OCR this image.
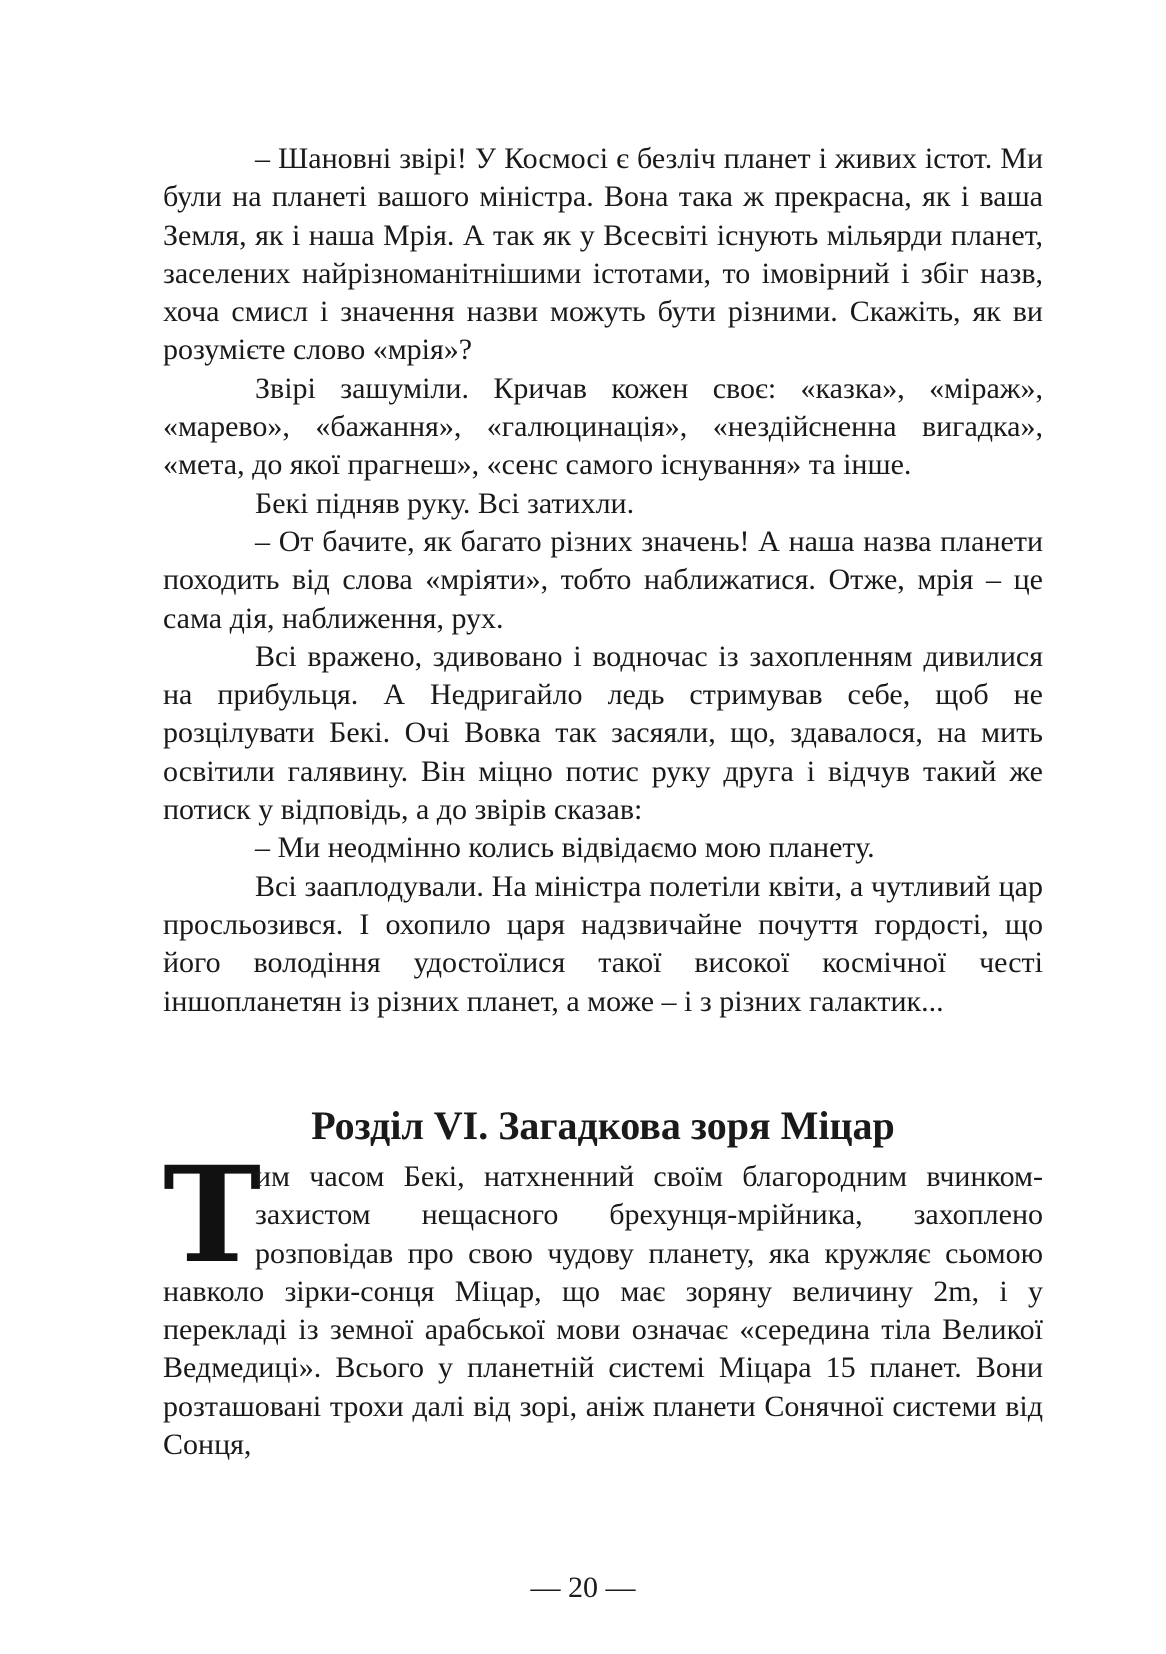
– Шановні звірі! У Космосі є безліч планет і живих істот. Ми були на планеті вашого міністра. Вона така ж прекрасна, як і ваша Земля, як і наша Мрія. А так як у Всесвіті існують мільярди планет, заселених найрізноманітнішими істотами, то імовірний і збіг назв, хоча смисл і значення назви можуть бути різними. Скажіть, як ви розумієте слово «мрія»?

Звірі зашуміли. Кричав кожен своє: «казка», «міраж», «марево», «бажання», «галюцинація», «нездійсненна вигадка», «мета, до якої прагнеш», «сенс самого існування» та інше.

Бекі підняв руку. Всі затихли.

– От бачите, як багато різних значень! А наша назва планети походить від слова «мріяти», тобто наближатися. Отже, мрія – це сама дія, наближення, рух.

Всі вражено, здивовано і водночас із захопленням дивилися на прибульця. А Недригайло ледь стримував себе, щоб не розцілувати Бекі. Очі Вовка так засяяли, що, здавалося, на мить освітили галявину. Він міцно потис руку друга і відчув такий же потиск у відповідь, а до звірів сказав:

– Ми неодмінно колись відвідаємо мою планету.

Всі зааплодували. На міністра полетіли квіти, а чутливий цар просльозився. І охопило царя надзвичайне почуття гордості, що його володіння удостоїлися такої високої космічної честі іншопланетян із різних планет, а може – і з різних галактик...

Розділ VI. Загадкова зоря Міцар

Т
им часом Бекі, натхненний своїм благородним вчинком-захистом нещасного брехунця-мрійника, захоплено розповідав про свою чудову планету, яка кружляє сьомою навколо зірки-сонця Міцар, що має зоряну величину 2m, і у перекладі із земної арабської мови означає «середина тіла Великої Ведмедиці». Всього у планетній системі Міцара 15 планет. Вони розташовані трохи далі від зорі, аніж планети Сонячної системи від Сонця,

— 20 —
